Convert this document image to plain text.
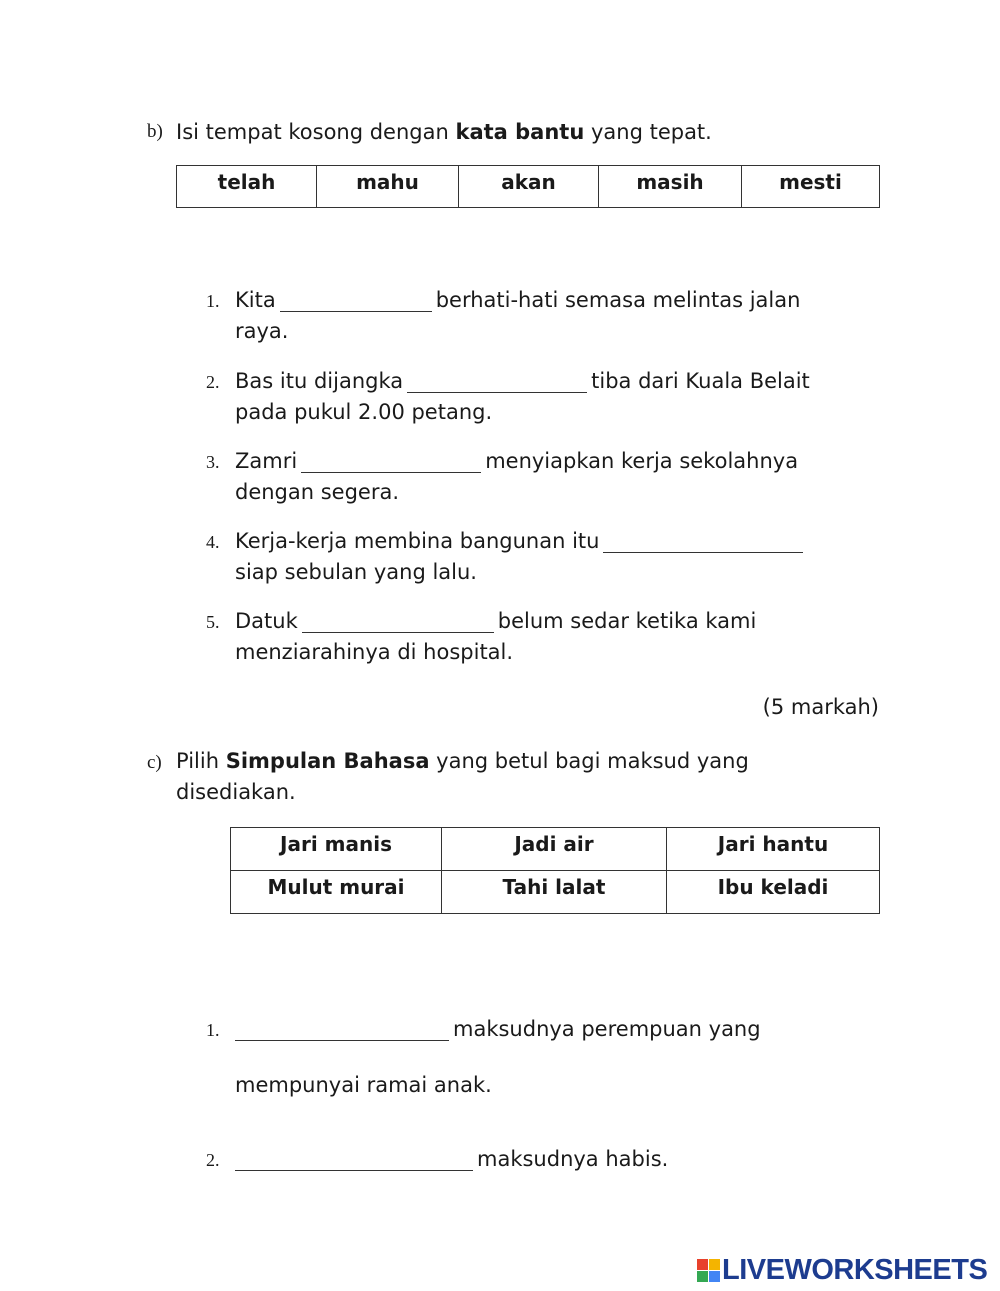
b) Isi tempat kosong dengan kata bantu yang tepat.
telah	mahu	akan	masih	mesti
1. Kita	berhati-hati semasa melintas jalan
raya.
2. Bas itu dijangka	tiba dari Kuala Belait
pada pukul 2.00 petang.
3. Zamri	menyiapkan kerja sekolahnya
dengan segera.
4. Kerja-kerja membina bangunan itu
siap sebulan yang lalu.
5. Datuk	belum sedar ketika kami
menziarahinya di hospital.
(5 markah)
c) Pilih Simpulan Bahasa yang betul bagi maksud yang
disediakan.
Jari manis	Jadi air	Jari hantu
Mulut murai	Tahi lalat	Ibu keladi
1.	maksudnya perempuan yang
mempunyai ramai anak.
2.	maksudnya habis.
LIVEWORKSHEETS
